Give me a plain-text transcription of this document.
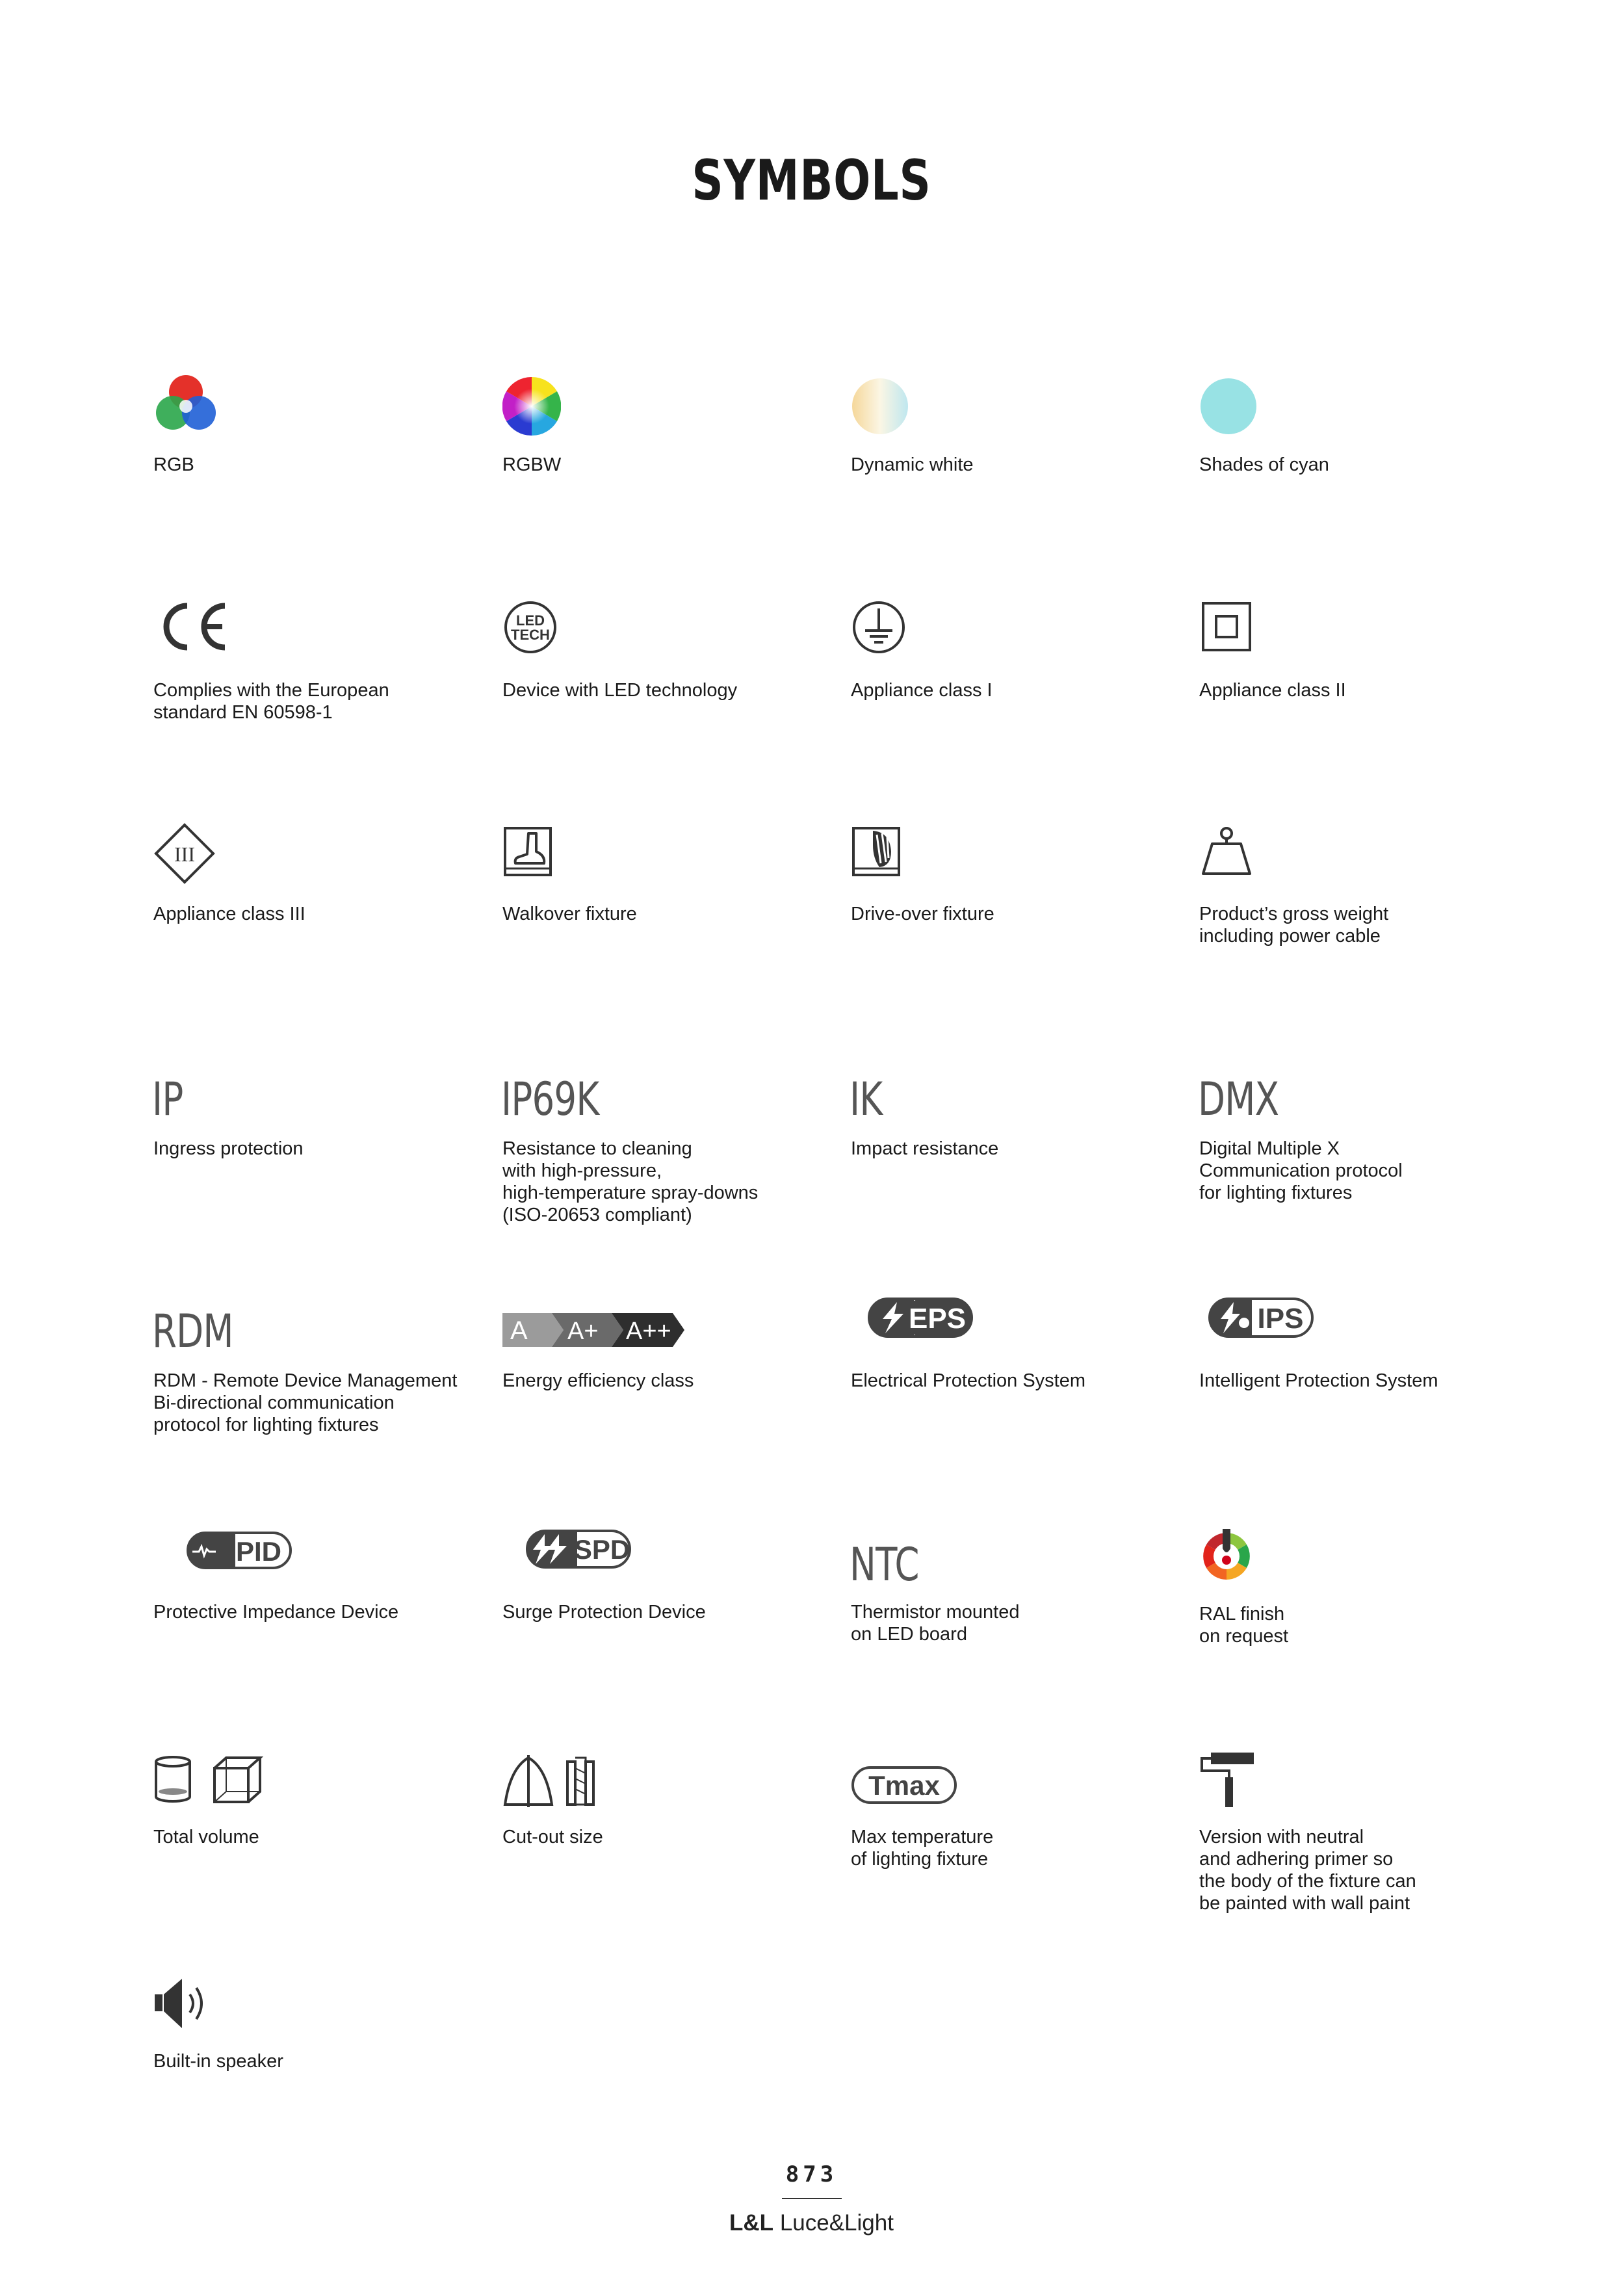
SYMBOLS
RGB	RGBW	Dynamic white	Shades of cyan
Complies with the European
standard EN 60598-1
LED
TECH
Device with LED technology	Appliance class I	Appliance class II
III
Appliance class III	Walkover fixture	Drive-over fixture	Product’s gross weight
including power cable
IP
Ingress protection
IP69K
Resistance to cleaning
with high-pressure,
high-temperature spray-downs
(ISO-20653 compliant)
IK
Impact resistance
DMX
Digital Multiple X
Communication protocol
for lighting fixtures
RDM
RDM - Remote Device Management
Bi-directional communication
protocol for lighting fixtures
A A+ A++
Energy efficiency class
EPS
Electrical Protection System
IPS
Intelligent Protection System
PID
Protective Impedance Device
SPD
Surge Protection Device
NTC
Thermistor mounted
on LED board
RAL finish
on request
Total volume	Cut-out size
Tmax
Max temperature
of lighting fixture
Version with neutral
and adhering primer so
the body of the fixture can
be painted with wall paint
Built-in speaker
873
L&L Luce&Light
